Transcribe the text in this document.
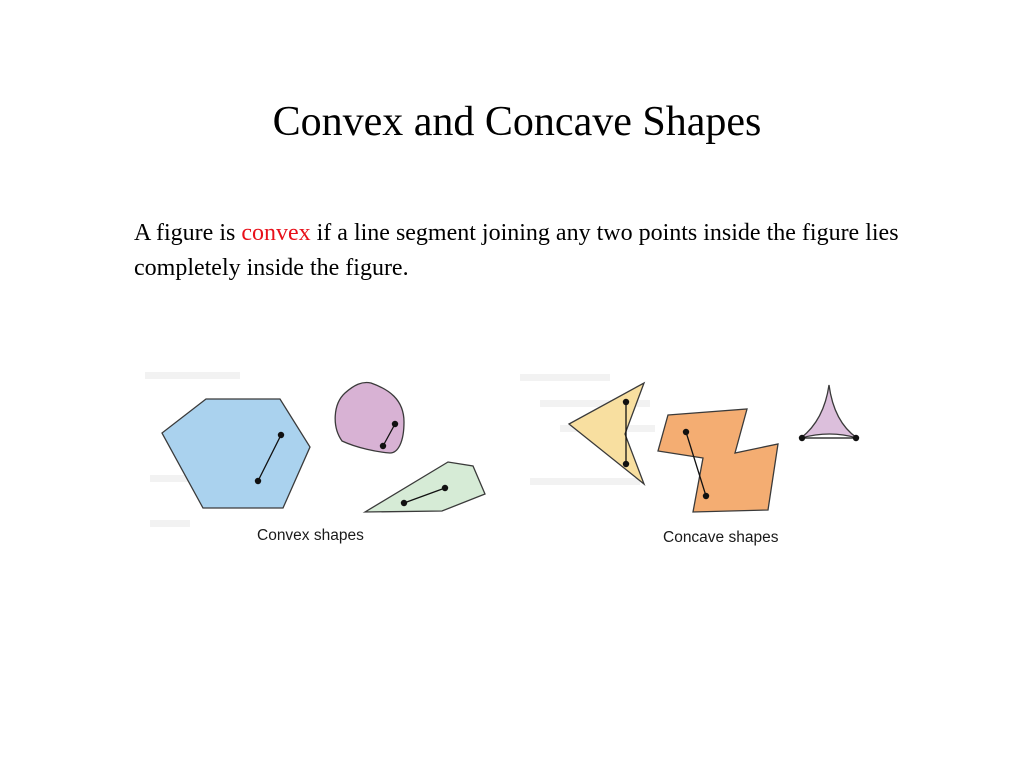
Convex and Concave Shapes
A figure is convex if a line segment joining any two points inside the figure lies completely inside the figure.
Convex shapes	Concave shapes
